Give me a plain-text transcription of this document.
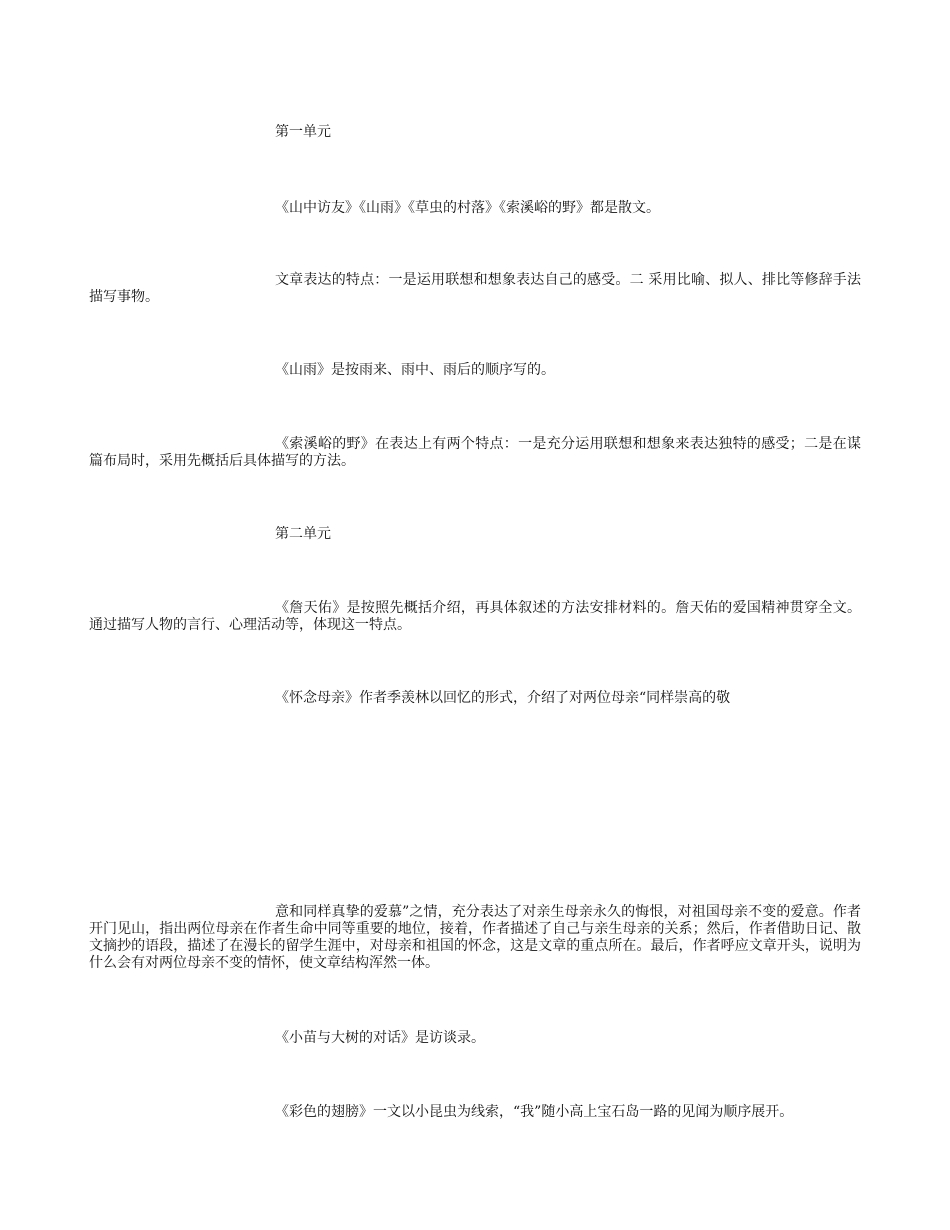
第一单元

《山中访友》《山雨》《草虫的村落》《索溪峪的野》都是散文。

文章表达的特点：一是运用联想和想象表达自己的感受。二 采用比喻、拟人、排比等修辞手法描写事物。

《山雨》是按雨来、雨中、雨后的顺序写的。

《索溪峪的野》在表达上有两个特点：一是充分运用联想和想象来表达独特的感受；二是在谋篇布局时，采用先概括后具体描写的方法。

第二单元

《詹天佑》是按照先概括介绍，再具体叙述的方法安排材料的。詹天佑的爱国精神贯穿全文。通过描写人物的言行、心理活动等，体现这一特点。

《怀念母亲》作者季羡林以回忆的形式，介绍了对两位母亲“同样崇高的敬

意和同样真挚的爱慕”之情，充分表达了对亲生母亲永久的悔恨，对祖国母亲不变的爱意。作者开门见山，指出两位母亲在作者生命中同等重要的地位，接着，作者描述了自己与亲生母亲的关系；然后，作者借助日记、散文摘抄的语段，描述了在漫长的留学生涯中，对母亲和祖国的怀念，这是文章的重点所在。最后，作者呼应文章开头，说明为什么会有对两位母亲不变的情怀，使文章结构浑然一体。

《小苗与大树的对话》是访谈录。

《彩色的翅膀》一文以小昆虫为线索，“我”随小高上宝石岛一路的见闻为顺序展开。
